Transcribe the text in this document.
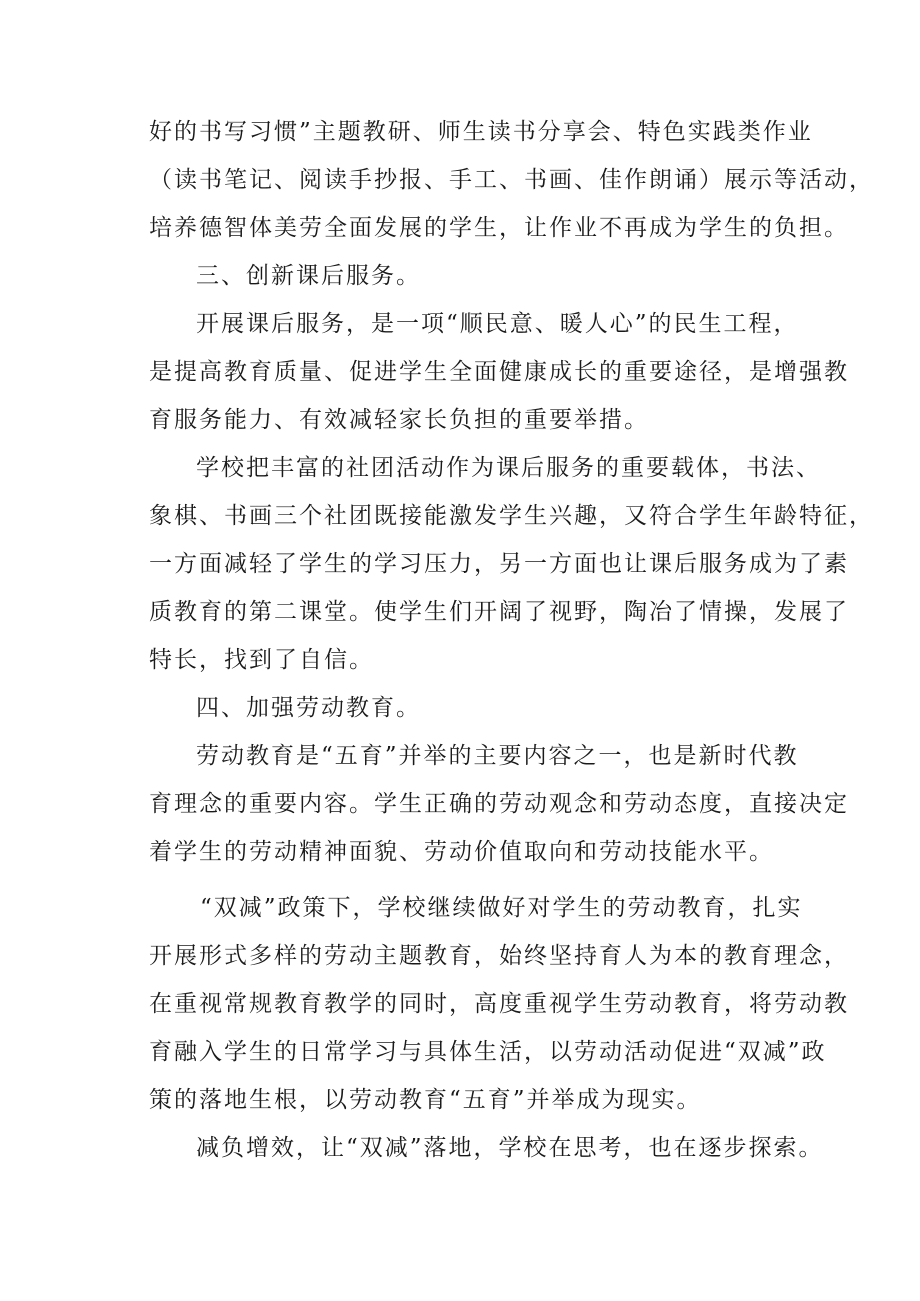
好的书写习惯”主题教研、师生读书分享会、特色实践类作业
（读书笔记、阅读手抄报、手工、书画、佳作朗诵）展示等活动，
培养德智体美劳全面发展的学生，让作业不再成为学生的负担。
三、创新课后服务。
开展课后服务，是一项“顺民意、暖人心”的民生工程，
是提高教育质量、促进学生全面健康成长的重要途径，是增强教
育服务能力、有效减轻家长负担的重要举措。
学校把丰富的社团活动作为课后服务的重要载体，书法、
象棋、书画三个社团既接能激发学生兴趣，又符合学生年龄特征，
一方面减轻了学生的学习压力，另一方面也让课后服务成为了素
质教育的第二课堂。使学生们开阔了视野，陶冶了情操，发展了
特长，找到了自信。
四、加强劳动教育。
劳动教育是“五育”并举的主要内容之一，也是新时代教
育理念的重要内容。学生正确的劳动观念和劳动态度，直接决定
着学生的劳动精神面貌、劳动价值取向和劳动技能水平。
“双减”政策下，学校继续做好对学生的劳动教育，扎实
开展形式多样的劳动主题教育，始终坚持育人为本的教育理念，
在重视常规教育教学的同时，高度重视学生劳动教育，将劳动教
育融入学生的日常学习与具体生活，以劳动活动促进“双减”政
策的落地生根，以劳动教育“五育”并举成为现实。
减负增效，让“双减”落地，学校在思考，也在逐步探索。
